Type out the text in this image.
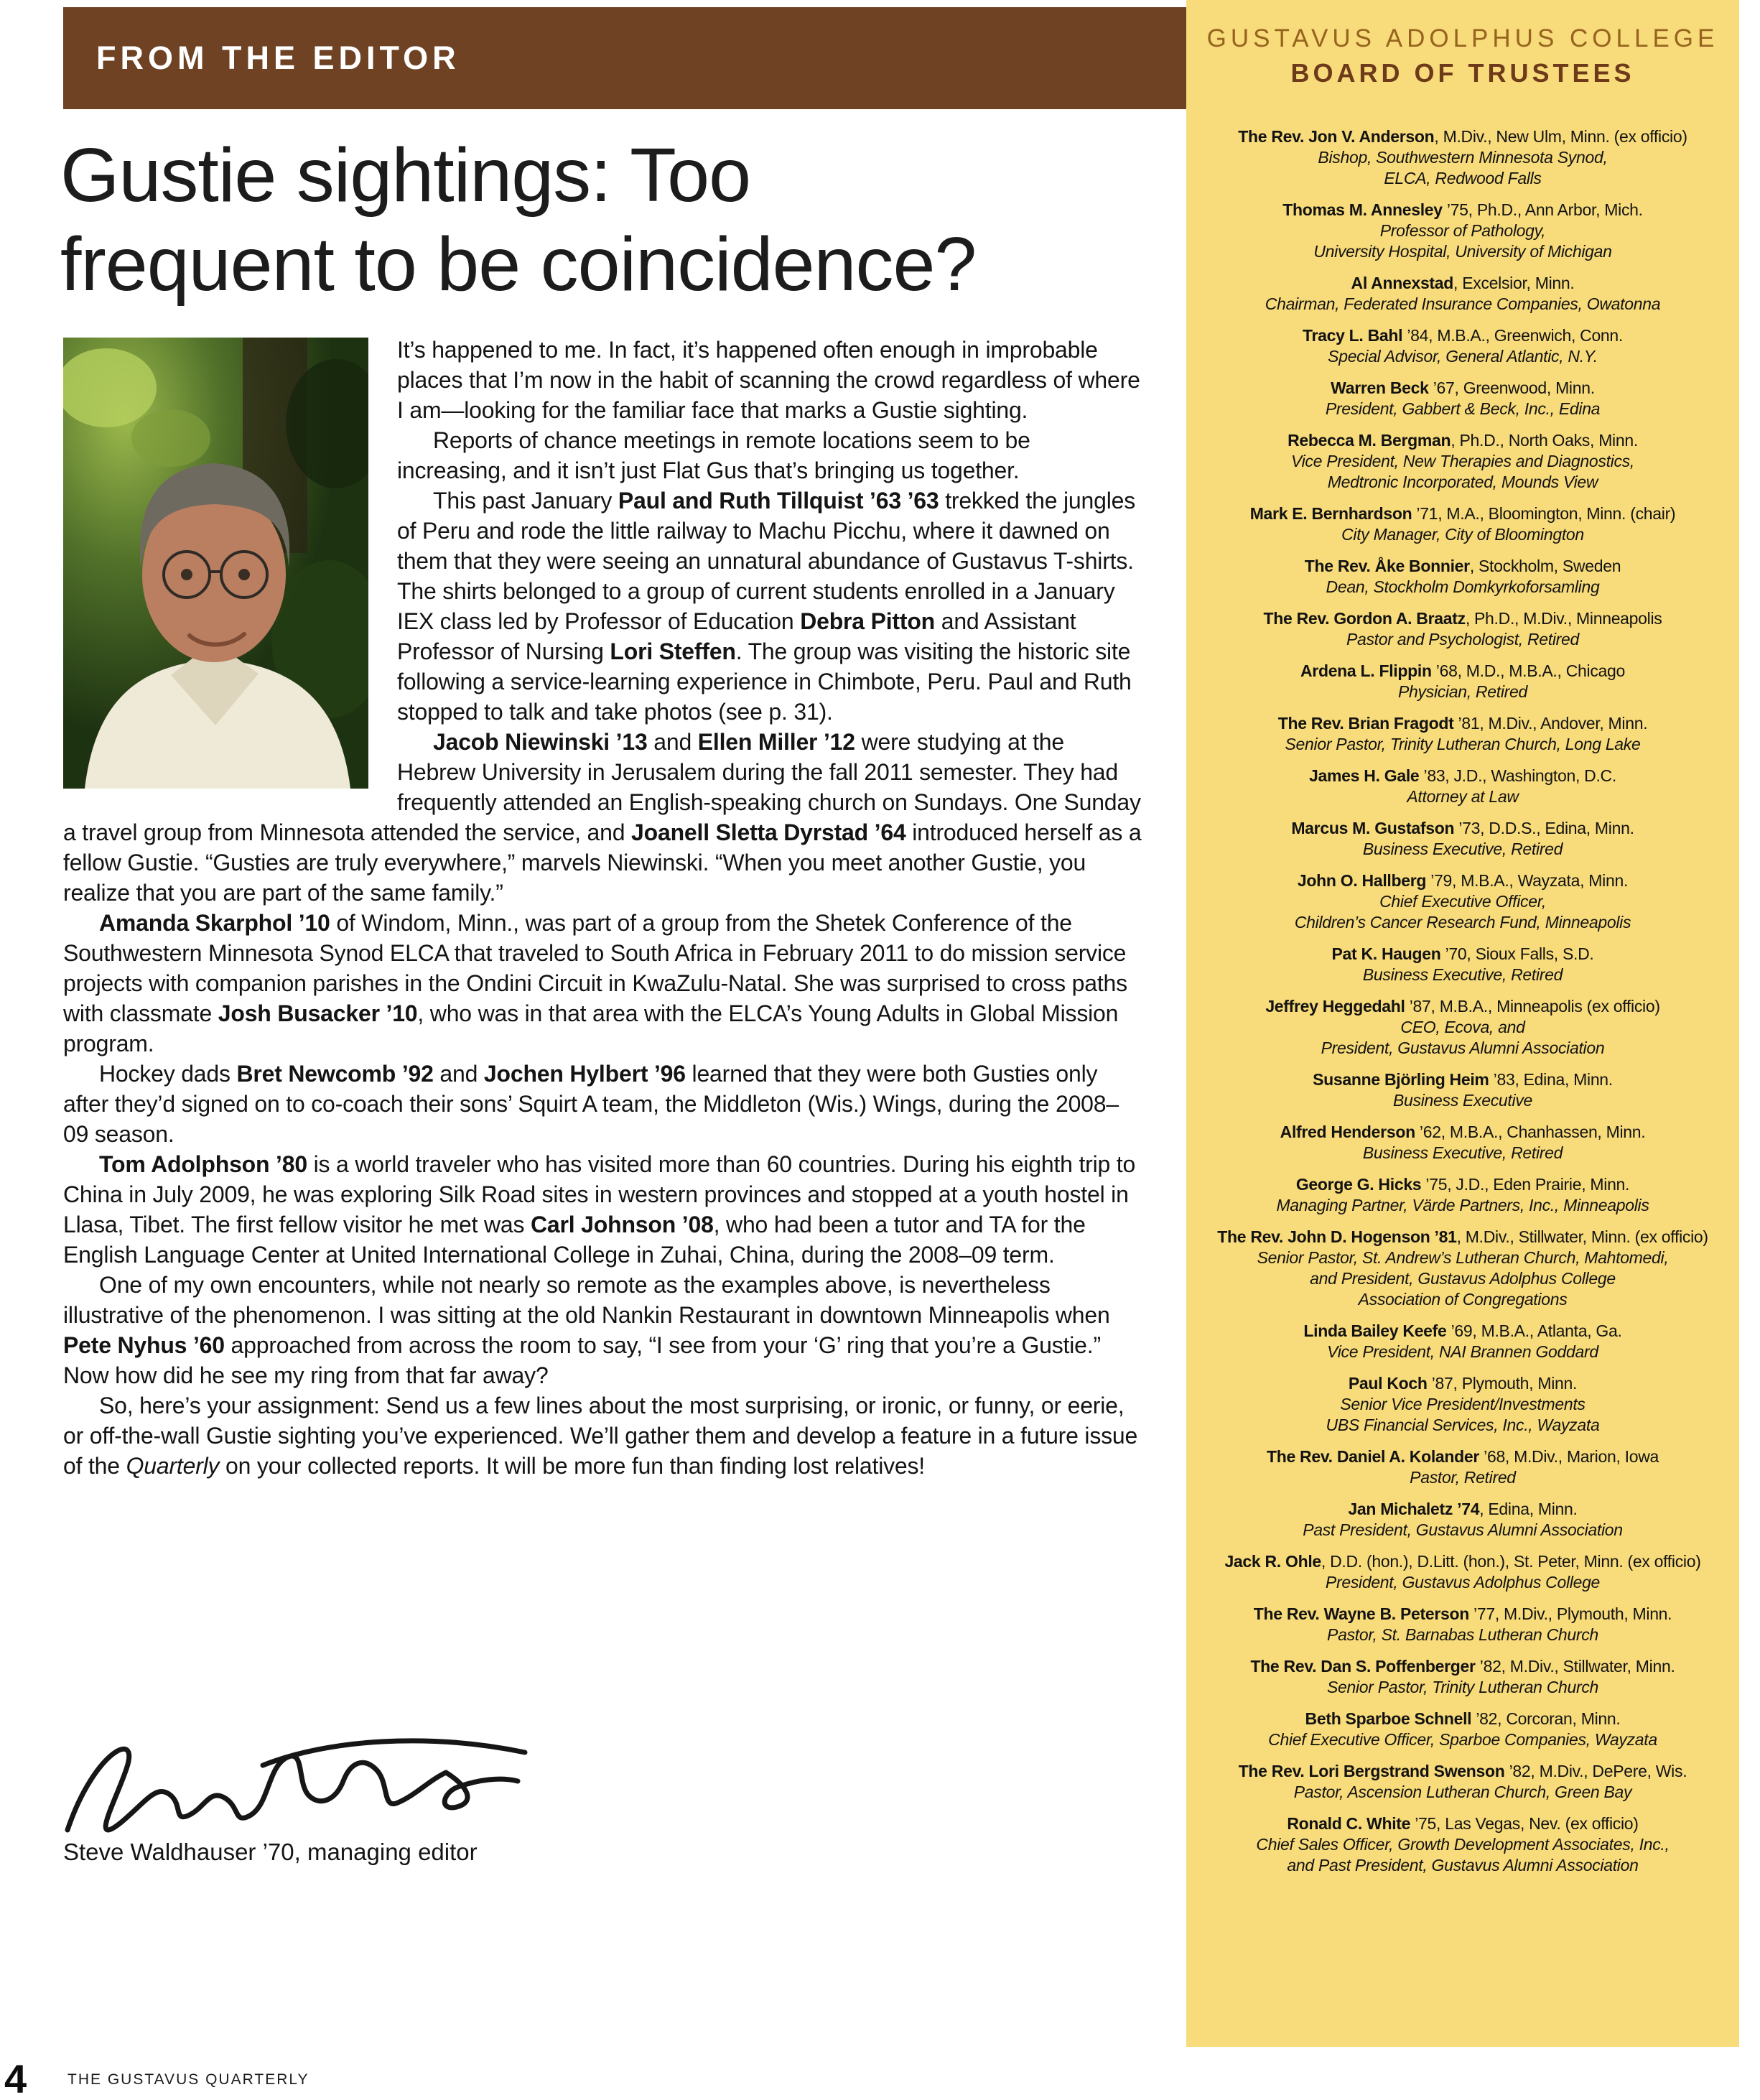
FROM THE EDITOR
Gustie sightings: Too
frequent to be coincidence?

It’s happened to me. In fact, it’s happened often enough in improbable places that I’m now in the habit of scanning the crowd regardless of where I am—looking for the familiar face that marks a Gustie sighting.

Reports of chance meetings in remote locations seem to be increasing, and it isn’t just Flat Gus that’s bringing us together.

This past January Paul and Ruth Tillquist ’63 ’63 trekked the jungles of Peru and rode the little railway to Machu Picchu, where it dawned on them that they were seeing an unnatural abundance of Gustavus T-shirts. The shirts belonged to a group of current students enrolled in a January IEX class led by Professor of Education Debra Pitton and Assistant Professor of Nursing Lori Steffen. The group was visiting the historic site following a service-learning experience in Chimbote, Peru. Paul and Ruth stopped to talk and take photos (see p. 31).

Jacob Niewinski ’13 and Ellen Miller ’12 were studying at the Hebrew University in Jerusalem during the fall 2011 semester. They had frequently attended an English-speaking church on Sundays. One Sunday a travel group from Minnesota attended the service, and Joanell Sletta Dyrstad ’64 introduced herself as a fellow Gustie. “Gusties are truly everywhere,” marvels Niewinski. “When you meet another Gustie, you realize that you are part of the same family.”

Amanda Skarphol ’10 of Windom, Minn., was part of a group from the Shetek Conference of the Southwestern Minnesota Synod ELCA that traveled to South Africa in February 2011 to do mission service projects with companion parishes in the Ondini Circuit in KwaZulu-Natal. She was surprised to cross paths with classmate Josh Busacker ’10, who was in that area with the ELCA’s Young Adults in Global Mission program.

Hockey dads Bret Newcomb ’92 and Jochen Hylbert ’96 learned that they were both Gusties only after they’d signed on to co-coach their sons’ Squirt A team, the Middleton (Wis.) Wings, during the 2008–09 season.

Tom Adolphson ’80 is a world traveler who has visited more than 60 countries. During his eighth trip to China in July 2009, he was exploring Silk Road sites in western provinces and stopped at a youth hostel in Llasa, Tibet. The first fellow visitor he met was Carl Johnson ’08, who had been a tutor and TA for the English Language Center at United International College in Zuhai, China, during the 2008–09 term.

One of my own encounters, while not nearly so remote as the examples above, is nevertheless illustrative of the phenomenon. I was sitting at the old Nankin Restaurant in downtown Minneapolis when Pete Nyhus ’60 approached from across the room to say, “I see from your ‘G’ ring that you’re a Gustie.” Now how did he see my ring from that far away?

So, here’s your assignment: Send us a few lines about the most surprising, or ironic, or funny, or eerie, or off-the-wall Gustie sighting you’ve experienced. We’ll gather them and develop a feature in a future issue of the Quarterly on your collected reports. It will be more fun than finding lost relatives!

Steve Waldhauser ’70, managing editor
4	THE GUSTAVUS QUARTERLY
GUSTAVUS ADOLPHUS COLLEGE
BOARD OF TRUSTEES
The Rev. Jon V. Anderson, M.Div., New Ulm, Minn. (ex officio)
Bishop, Southwestern Minnesota Synod,
ELCA, Redwood Falls
Thomas M. Annesley ’75, Ph.D., Ann Arbor, Mich.
Professor of Pathology,
University Hospital, University of Michigan
Al Annexstad, Excelsior, Minn.
Chairman, Federated Insurance Companies, Owatonna
Tracy L. Bahl ’84, M.B.A., Greenwich, Conn.
Special Advisor, General Atlantic, N.Y.
Warren Beck ’67, Greenwood, Minn.
President, Gabbert & Beck, Inc., Edina
Rebecca M. Bergman, Ph.D., North Oaks, Minn.
Vice President, New Therapies and Diagnostics,
Medtronic Incorporated, Mounds View
Mark E. Bernhardson ’71, M.A., Bloomington, Minn. (chair)
City Manager, City of Bloomington
The Rev. Åke Bonnier, Stockholm, Sweden
Dean, Stockholm Domkyrkoforsamling
The Rev. Gordon A. Braatz, Ph.D., M.Div., Minneapolis
Pastor and Psychologist, Retired
Ardena L. Flippin ’68, M.D., M.B.A., Chicago
Physician, Retired
The Rev. Brian Fragodt ’81, M.Div., Andover, Minn.
Senior Pastor, Trinity Lutheran Church, Long Lake
James H. Gale ’83, J.D., Washington, D.C.
Attorney at Law
Marcus M. Gustafson ’73, D.D.S., Edina, Minn.
Business Executive, Retired
John O. Hallberg ’79, M.B.A., Wayzata, Minn.
Chief Executive Officer,
Children’s Cancer Research Fund, Minneapolis
Pat K. Haugen ’70, Sioux Falls, S.D.
Business Executive, Retired
Jeffrey Heggedahl ’87, M.B.A., Minneapolis (ex officio)
CEO, Ecova, and
President, Gustavus Alumni Association
Susanne Björling Heim ’83, Edina, Minn.
Business Executive
Alfred Henderson ’62, M.B.A., Chanhassen, Minn.
Business Executive, Retired
George G. Hicks ’75, J.D., Eden Prairie, Minn.
Managing Partner, Värde Partners, Inc., Minneapolis
The Rev. John D. Hogenson ’81, M.Div., Stillwater, Minn. (ex officio)
Senior Pastor, St. Andrew’s Lutheran Church, Mahtomedi,
and President, Gustavus Adolphus College
Association of Congregations
Linda Bailey Keefe ’69, M.B.A., Atlanta, Ga.
Vice President, NAI Brannen Goddard
Paul Koch ’87, Plymouth, Minn.
Senior Vice President/Investments
UBS Financial Services, Inc., Wayzata
The Rev. Daniel A. Kolander ’68, M.Div., Marion, Iowa
Pastor, Retired
Jan Michaletz ’74, Edina, Minn.
Past President, Gustavus Alumni Association
Jack R. Ohle, D.D. (hon.), D.Litt. (hon.), St. Peter, Minn. (ex officio)
President, Gustavus Adolphus College
The Rev. Wayne B. Peterson ’77, M.Div., Plymouth, Minn.
Pastor, St. Barnabas Lutheran Church
The Rev. Dan S. Poffenberger ’82, M.Div., Stillwater, Minn.
Senior Pastor, Trinity Lutheran Church
Beth Sparboe Schnell ’82, Corcoran, Minn.
Chief Executive Officer, Sparboe Companies, Wayzata
The Rev. Lori Bergstrand Swenson ’82, M.Div., DePere, Wis.
Pastor, Ascension Lutheran Church, Green Bay
Ronald C. White ’75, Las Vegas, Nev. (ex officio)
Chief Sales Officer, Growth Development Associates, Inc.,
and Past President, Gustavus Alumni Association
